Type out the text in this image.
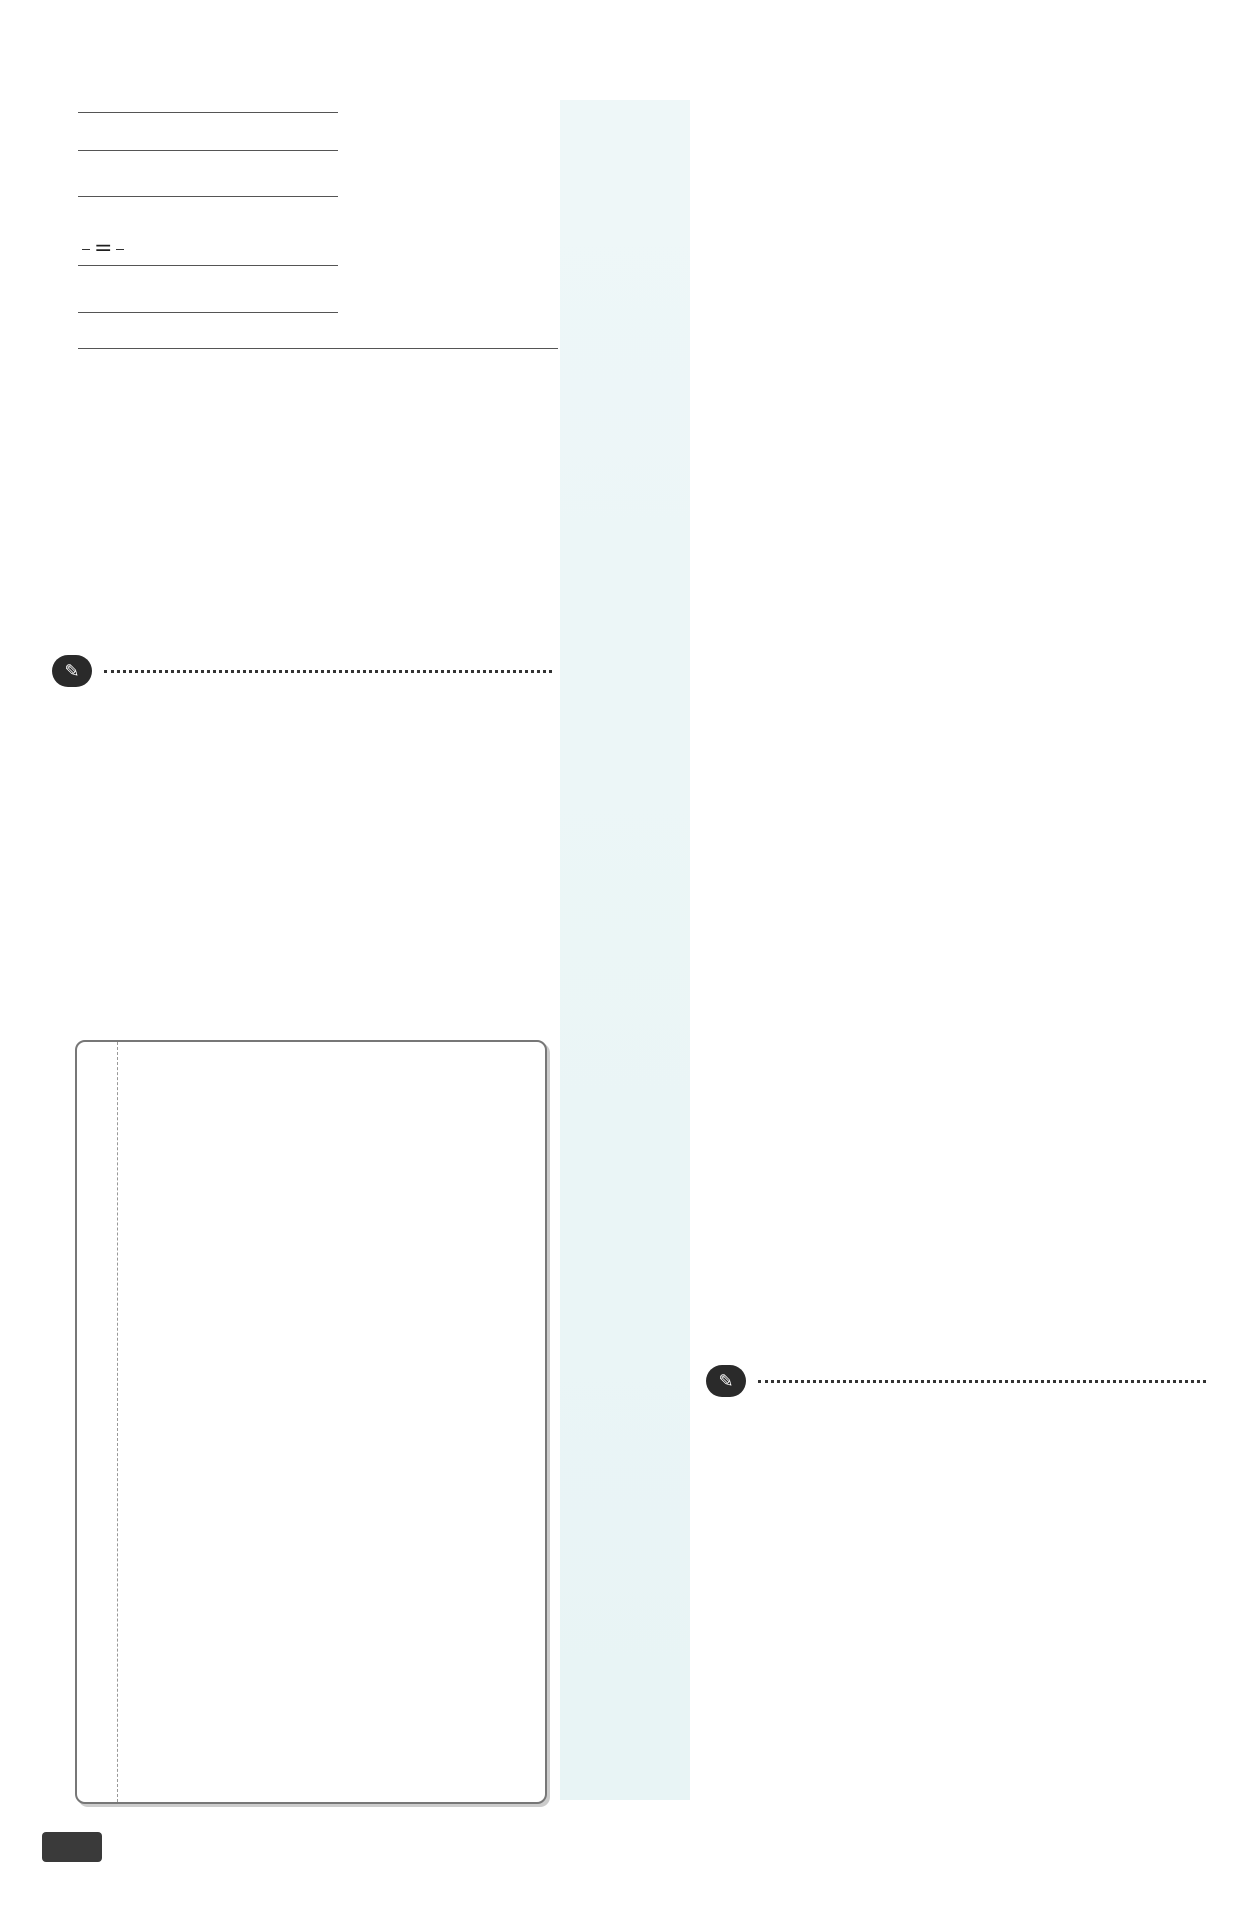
=
✎
✎
